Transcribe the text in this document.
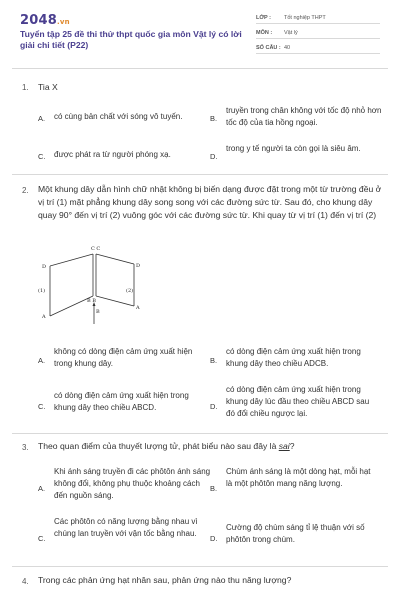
2048.vn
Tuyển tập 25 đề thi thử thpt quốc gia môn Vật lý có lời giải chi tiết (P22)
LỚP :	Tốt nghiệp THPT
MÔN :	Vật lý
SỐ CÂU : 40
1. Tia X
A. có cùng bản chất với sóng vô tuyến.	B.
truyền trong chân không với tốc độ nhỏ hơn tốc độ của tia hồng ngoại.
C. được phát ra từ người phóng xạ.	D.
trong y tế người ta còn gọi là siêu âm.
2. Một khung dây dẫn hình chữ nhật không bị biến dạng được đặt trong một từ trường đều ở vị trí (1) mặt phẳng khung dây song song với các đường sức từ. Sau đó, cho khung dây quay 90° đến vị trí (2) vuông góc với các đường sức từ. Khi quay từ vị trí (1) đến vị trí (2)
C C
D	D
(1)	(2)
A
A
B B
B
A.
không có dòng điện cảm ứng xuất hiện trong khung dây.	B.
có dòng điện cảm ứng xuất hiện trong khung dây theo chiều ADCB.
C.
có dòng điện cảm ứng xuất hiện trong khung dây theo chiều ABCD.	D.
có dòng điện cảm ứng xuất hiện trong khung dây lúc đầu theo chiều ABCD sau đó đổi chiều ngược lại.
3. Theo quan điểm của thuyết lượng tử, phát biểu nào sau đây là sai?
A.
Khi ánh sáng truyền đi các phôtôn ánh sáng không đổi, không phụ thuộc khoảng cách đến nguồn sáng.
B.
Chùm ánh sáng là một dòng hạt, mỗi hạt là một phôtôn mang năng lượng.
C.
Các phôtôn có năng lượng bằng nhau vì chúng lan truyền với vận tốc bằng nhau.
D.
Cường độ chùm sáng tỉ lệ thuận với số phôtôn trong chùm.
4. Trong các phản ứng hạt nhân sau, phản ứng nào thu năng lượng?
